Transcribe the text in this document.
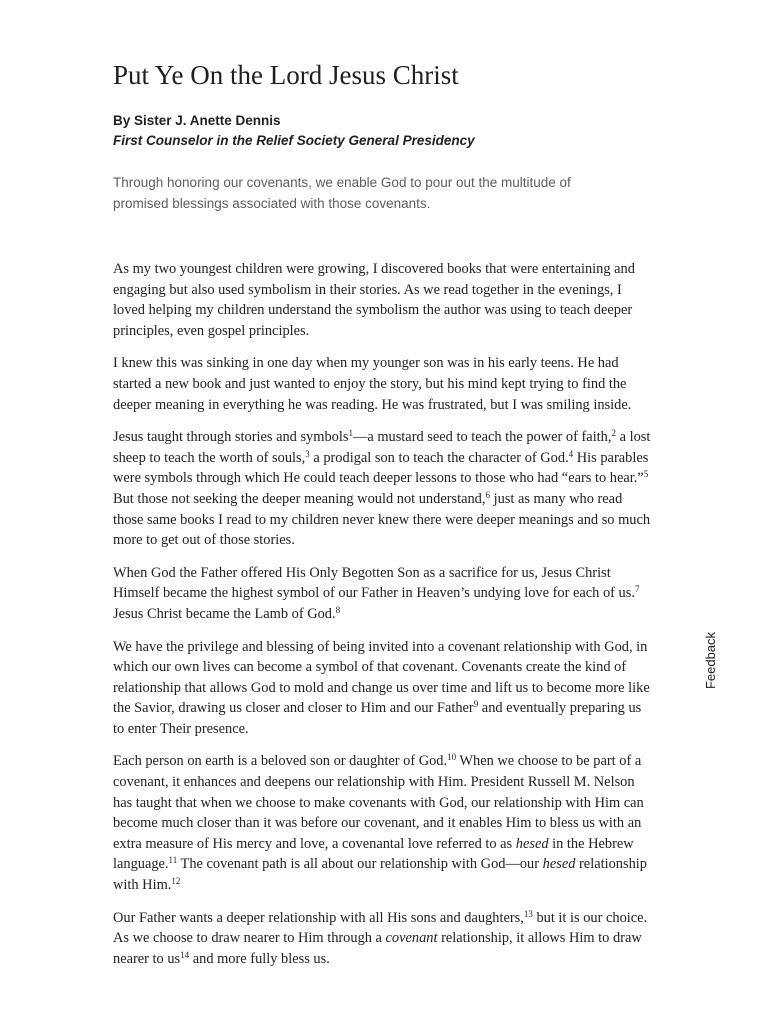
Put Ye On the Lord Jesus Christ
By Sister J. Anette Dennis
First Counselor in the Relief Society General Presidency
Through honoring our covenants, we enable God to pour out the multitude of promised blessings associated with those covenants.

As my two youngest children were growing, I discovered books that were entertaining and engaging but also used symbolism in their stories. As we read together in the evenings, I loved helping my children understand the symbolism the author was using to teach deeper principles, even gospel principles.

I knew this was sinking in one day when my younger son was in his early teens. He had started a new book and just wanted to enjoy the story, but his mind kept trying to find the deeper meaning in everything he was reading. He was frustrated, but I was smiling inside.

Jesus taught through stories and symbols$^1$—a mustard seed to teach the power of faith,$^2$ a lost sheep to teach the worth of souls,$^3$ a prodigal son to teach the character of God.$^4$ His parables were symbols through which He could teach deeper lessons to those who had “ears to hear.”$^5$ But those not seeking the deeper meaning would not understand,$^6$ just as many who read those same books I read to my children never knew there were deeper meanings and so much more to get out of those stories.

When God the Father offered His Only Begotten Son as a sacrifice for us, Jesus Christ Himself became the highest symbol of our Father in Heaven’s undying love for each of us.$^7$ Jesus Christ became the Lamb of God.$^8$

We have the privilege and blessing of being invited into a covenant relationship with God, in which our own lives can become a symbol of that covenant. Covenants create the kind of relationship that allows God to mold and change us over time and lift us to become more like the Savior, drawing us closer and closer to Him and our Father$^9$ and eventually preparing us to enter Their presence.

Each person on earth is a beloved son or daughter of God.$^{10}$ When we choose to be part of a covenant, it enhances and deepens our relationship with Him. President Russell M. Nelson has taught that when we choose to make covenants with God, our relationship with Him can become much closer than it was before our covenant, and it enables Him to bless us with an extra measure of His mercy and love, a covenantal love referred to as hesed in the Hebrew language.$^{11}$ The covenant path is all about our relationship with God—our hesed relationship with Him.$^{12}$

Our Father wants a deeper relationship with all His sons and daughters,$^{13}$ but it is our choice. As we choose to draw nearer to Him through a covenant relationship, it allows Him to draw nearer to $us^{14}$ and more fully bless us.

Feedback
